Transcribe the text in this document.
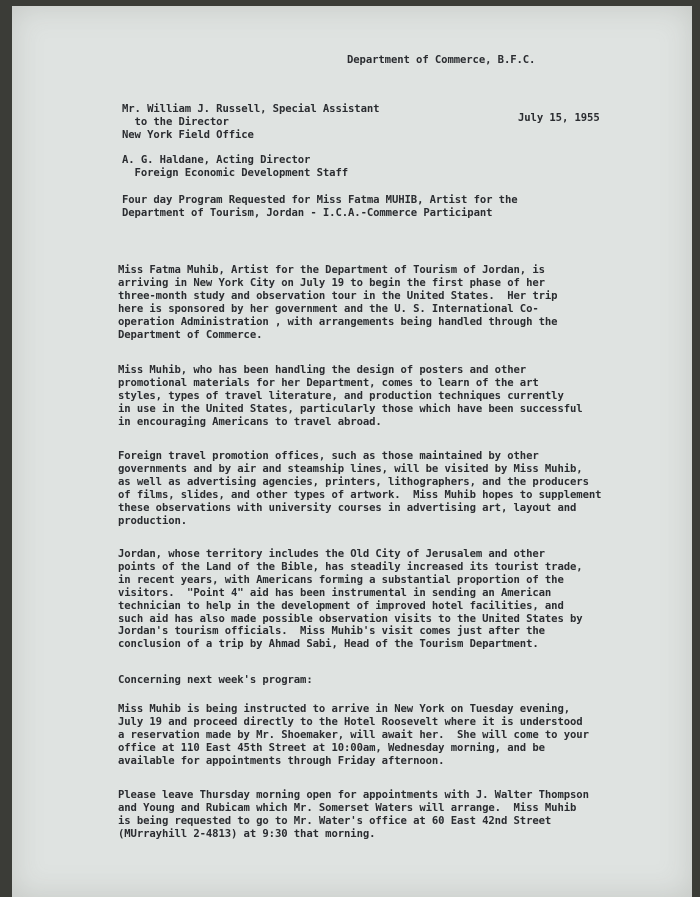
Department of Commerce, B.F.C.
Mr. William J. Russell, Special Assistant
to the Director
New York Field Office
July 15, 1955
A. G. Haldane, Acting Director
Foreign Economic Development Staff
Four day Program Requested for Miss Fatma MUHIB, Artist for the
Department of Tourism, Jordan - I.C.A.-Commerce Participant
Miss Fatma Muhib, Artist for the Department of Tourism of Jordan, is
arriving in New York City on July 19 to begin the first phase of her
three-month study and observation tour in the United States.  Her trip
here is sponsored by her government and the U. S. International Co-
operation Administration , with arrangements being handled through the
Department of Commerce.
Miss Muhib, who has been handling the design of posters and other
promotional materials for her Department, comes to learn of the art
styles, types of travel literature, and production techniques currently
in use in the United States, particularly those which have been successful
in encouraging Americans to travel abroad.
Foreign travel promotion offices, such as those maintained by other
governments and by air and steamship lines, will be visited by Miss Muhib,
as well as advertising agencies, printers, lithographers, and the producers
of films, slides, and other types of artwork.  Miss Muhib hopes to supplement
these observations with university courses in advertising art, layout and
production.
Jordan, whose territory includes the Old City of Jerusalem and other
points of the Land of the Bible, has steadily increased its tourist trade,
in recent years, with Americans forming a substantial proportion of the
visitors.  "Point 4" aid has been instrumental in sending an American
technician to help in the development of improved hotel facilities, and
such aid has also made possible observation visits to the United States by
Jordan's tourism officials.  Miss Muhib's visit comes just after the
conclusion of a trip by Ahmad Sabi, Head of the Tourism Department.
Concerning next week's program:
Miss Muhib is being instructed to arrive in New York on Tuesday evening,
July 19 and proceed directly to the Hotel Roosevelt where it is understood
a reservation made by Mr. Shoemaker, will await her.  She will come to your
office at 110 East 45th Street at 10:00am, Wednesday morning, and be
available for appointments through Friday afternoon.
Please leave Thursday morning open for appointments with J. Walter Thompson
and Young and Rubicam which Mr. Somerset Waters will arrange.  Miss Muhib
is being requested to go to Mr. Water's office at 60 East 42nd Street
(MUrrayhill 2-4813) at 9:30 that morning.
